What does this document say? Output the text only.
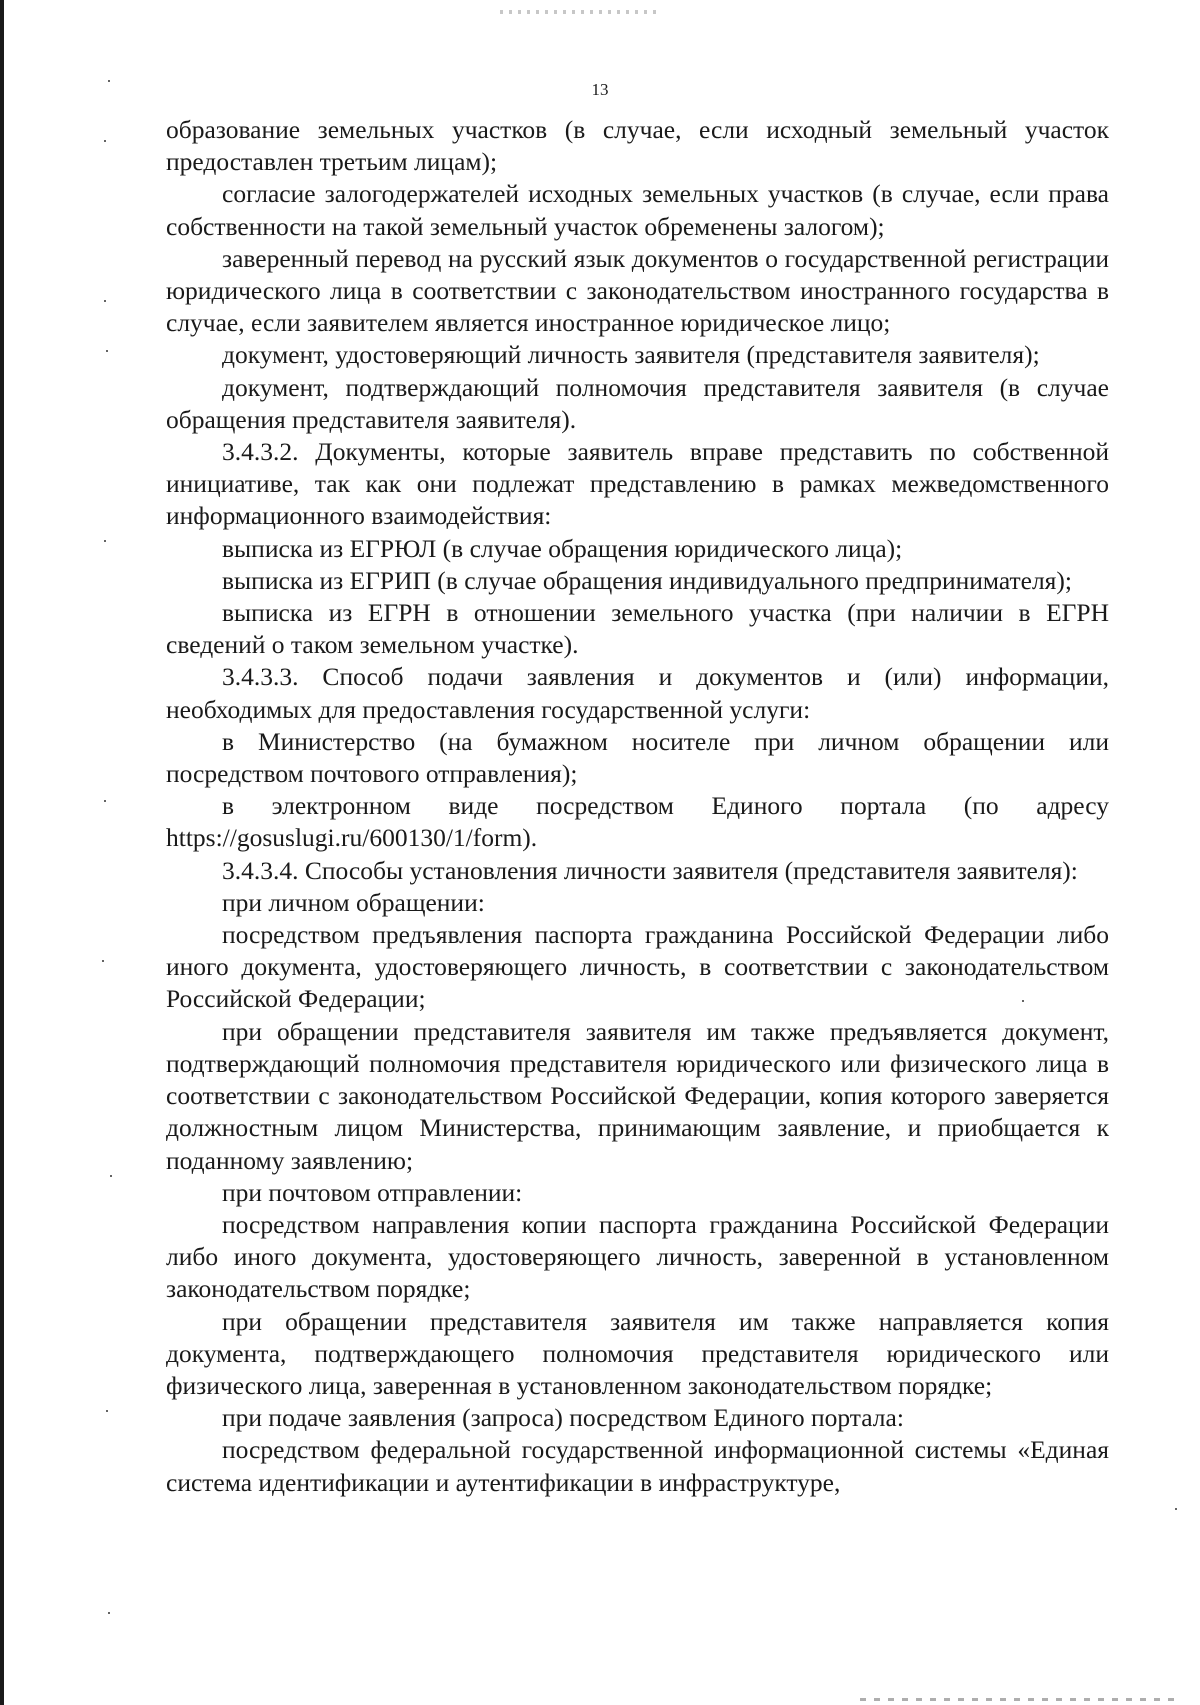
13

образование земельных участков (в случае, если исходный земельный участок предоставлен третьим лицам);

согласие залогодержателей исходных земельных участков (в случае, если права собственности на такой земельный участок обременены залогом);

заверенный перевод на русский язык документов о государственной регистрации юридического лица в соответствии с законодательством иностранного государства в случае, если заявителем является иностранное юридическое лицо;

документ, удостоверяющий личность заявителя (представителя заявителя);

документ, подтверждающий полномочия представителя заявителя (в случае обращения представителя заявителя).

3.4.3.2. Документы, которые заявитель вправе представить по собственной инициативе, так как они подлежат представлению в рамках межведомственного информационного взаимодействия:

выписка из ЕГРЮЛ (в случае обращения юридического лица);

выписка из ЕГРИП (в случае обращения индивидуального предпринимателя);

выписка из ЕГРН в отношении земельного участка (при наличии в ЕГРН сведений о таком земельном участке).

3.4.3.3. Способ подачи заявления и документов и (или) информации, необходимых для предоставления государственной услуги:

в Министерство (на бумажном носителе при личном обращении или посредством почтового отправления);

в электронном виде посредством Единого портала (по адресу https://gosuslugi.ru/600130/1/form).

3.4.3.4. Способы установления личности заявителя (представителя заявителя):

при личном обращении:

посредством предъявления паспорта гражданина Российской Федерации либо иного документа, удостоверяющего личность, в соответствии с законодательством Российской Федерации;

при обращении представителя заявителя им также предъявляется документ, подтверждающий полномочия представителя юридического или физического лица в соответствии с законодательством Российской Федерации, копия которого заверяется должностным лицом Министерства, принимающим заявление, и приобщается к поданному заявлению;

при почтовом отправлении:

посредством направления копии паспорта гражданина Российской Федерации либо иного документа, удостоверяющего личность, заверенной в установленном законодательством порядке;

при обращении представителя заявителя им также направляется копия документа, подтверждающего полномочия представителя юридического или физического лица, заверенная в установленном законодательством порядке;

при подаче заявления (запроса) посредством Единого портала:

посредством федеральной государственной информационной системы «Единая система идентификации и аутентификации в инфраструктуре,
